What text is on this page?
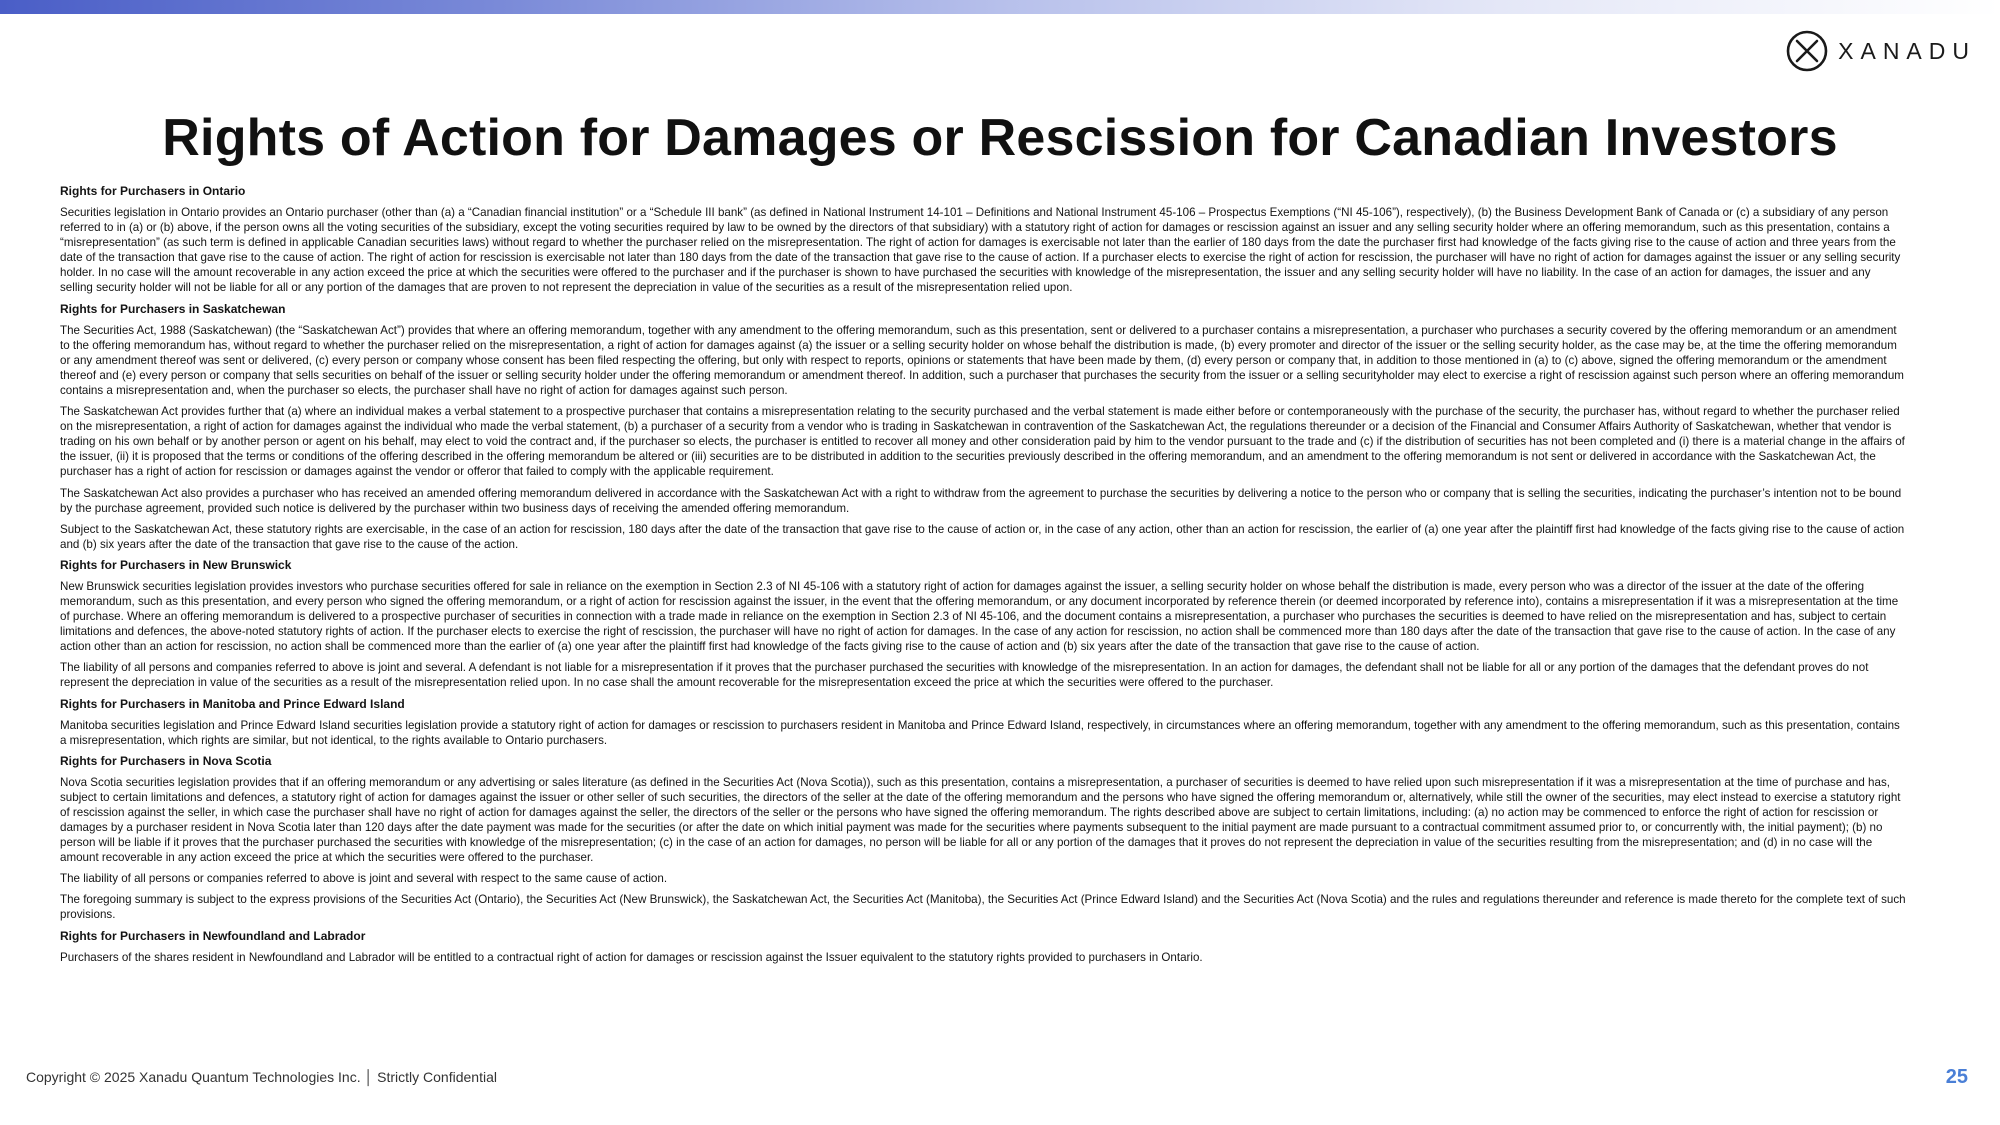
XANADU
Rights of Action for Damages or Rescission for Canadian Investors
Rights for Purchasers in Ontario

Securities legislation in Ontario provides an Ontario purchaser (other than (a) a “Canadian financial institution” or a “Schedule III bank” (as defined in National Instrument 14-101 – Definitions and National Instrument 45-106 – Prospectus Exemptions (“NI 45-106”), respectively), (b) the Business Development Bank of Canada or (c) a subsidiary of any person referred to in (a) or (b) above, if the person owns all the voting securities of the subsidiary, except the voting securities required by law to be owned by the directors of that subsidiary) with a statutory right of action for damages or rescission against an issuer and any selling security holder where an offering memorandum, such as this presentation, contains a “misrepresentation” (as such term is defined in applicable Canadian securities laws) without regard to whether the purchaser relied on the misrepresentation. The right of action for damages is exercisable not later than the earlier of 180 days from the date the purchaser first had knowledge of the facts giving rise to the cause of action and three years from the date of the transaction that gave rise to the cause of action. The right of action for rescission is exercisable not later than 180 days from the date of the transaction that gave rise to the cause of action. If a purchaser elects to exercise the right of action for rescission, the purchaser will have no right of action for damages against the issuer or any selling security holder. In no case will the amount recoverable in any action exceed the price at which the securities were offered to the purchaser and if the purchaser is shown to have purchased the securities with knowledge of the misrepresentation, the issuer and any selling security holder will have no liability. In the case of an action for damages, the issuer and any selling security holder will not be liable for all or any portion of the damages that are proven to not represent the depreciation in value of the securities as a result of the misrepresentation relied upon.

Rights for Purchasers in Saskatchewan

The Securities Act, 1988 (Saskatchewan) (the “Saskatchewan Act”) provides that where an offering memorandum, together with any amendment to the offering memorandum, such as this presentation, sent or delivered to a purchaser contains a misrepresentation, a purchaser who purchases a security covered by the offering memorandum or an amendment to the offering memorandum has, without regard to whether the purchaser relied on the misrepresentation, a right of action for damages against (a) the issuer or a selling security holder on whose behalf the distribution is made, (b) every promoter and director of the issuer or the selling security holder, as the case may be, at the time the offering memorandum or any amendment thereof was sent or delivered, (c) every person or company whose consent has been filed respecting the offering, but only with respect to reports, opinions or statements that have been made by them, (d) every person or company that, in addition to those mentioned in (a) to (c) above, signed the offering memorandum or the amendment thereof and (e) every person or company that sells securities on behalf of the issuer or selling security holder under the offering memorandum or amendment thereof. In addition, such a purchaser that purchases the security from the issuer or a selling securityholder may elect to exercise a right of rescission against such person where an offering memorandum contains a misrepresentation and, when the purchaser so elects, the purchaser shall have no right of action for damages against such person.

The Saskatchewan Act provides further that (a) where an individual makes a verbal statement to a prospective purchaser that contains a misrepresentation relating to the security purchased and the verbal statement is made either before or contemporaneously with the purchase of the security, the purchaser has, without regard to whether the purchaser relied on the misrepresentation, a right of action for damages against the individual who made the verbal statement, (b) a purchaser of a security from a vendor who is trading in Saskatchewan in contravention of the Saskatchewan Act, the regulations thereunder or a decision of the Financial and Consumer Affairs Authority of Saskatchewan, whether that vendor is trading on his own behalf or by another person or agent on his behalf, may elect to void the contract and, if the purchaser so elects, the purchaser is entitled to recover all money and other consideration paid by him to the vendor pursuant to the trade and (c) if the distribution of securities has not been completed and (i) there is a material change in the affairs of the issuer, (ii) it is proposed that the terms or conditions of the offering described in the offering memorandum be altered or (iii) securities are to be distributed in addition to the securities previously described in the offering memorandum, and an amendment to the offering memorandum is not sent or delivered in accordance with the Saskatchewan Act, the purchaser has a right of action for rescission or damages against the vendor or offeror that failed to comply with the applicable requirement.

The Saskatchewan Act also provides a purchaser who has received an amended offering memorandum delivered in accordance with the Saskatchewan Act with a right to withdraw from the agreement to purchase the securities by delivering a notice to the person who or company that is selling the securities, indicating the purchaser’s intention not to be bound by the purchase agreement, provided such notice is delivered by the purchaser within two business days of receiving the amended offering memorandum.

Subject to the Saskatchewan Act, these statutory rights are exercisable, in the case of an action for rescission, 180 days after the date of the transaction that gave rise to the cause of action or, in the case of any action, other than an action for rescission, the earlier of (a) one year after the plaintiff first had knowledge of the facts giving rise to the cause of action and (b) six years after the date of the transaction that gave rise to the cause of the action.

Rights for Purchasers in New Brunswick

New Brunswick securities legislation provides investors who purchase securities offered for sale in reliance on the exemption in Section 2.3 of NI 45-106 with a statutory right of action for damages against the issuer, a selling security holder on whose behalf the distribution is made, every person who was a director of the issuer at the date of the offering memorandum, such as this presentation, and every person who signed the offering memorandum, or a right of action for rescission against the issuer, in the event that the offering memorandum, or any document incorporated by reference therein (or deemed incorporated by reference into), contains a misrepresentation if it was a misrepresentation at the time of purchase. Where an offering memorandum is delivered to a prospective purchaser of securities in connection with a trade made in reliance on the exemption in Section 2.3 of NI 45-106, and the document contains a misrepresentation, a purchaser who purchases the securities is deemed to have relied on the misrepresentation and has, subject to certain limitations and defences, the above-noted statutory rights of action. If the purchaser elects to exercise the right of rescission, the purchaser will have no right of action for damages. In the case of any action for rescission, no action shall be commenced more than 180 days after the date of the transaction that gave rise to the cause of action. In the case of any action other than an action for rescission, no action shall be commenced more than the earlier of (a) one year after the plaintiff first had knowledge of the facts giving rise to the cause of action and (b) six years after the date of the transaction that gave rise to the cause of action.

The liability of all persons and companies referred to above is joint and several. A defendant is not liable for a misrepresentation if it proves that the purchaser purchased the securities with knowledge of the misrepresentation. In an action for damages, the defendant shall not be liable for all or any portion of the damages that the defendant proves do not represent the depreciation in value of the securities as a result of the misrepresentation relied upon. In no case shall the amount recoverable for the misrepresentation exceed the price at which the securities were offered to the purchaser.

Rights for Purchasers in Manitoba and Prince Edward Island

Manitoba securities legislation and Prince Edward Island securities legislation provide a statutory right of action for damages or rescission to purchasers resident in Manitoba and Prince Edward Island, respectively, in circumstances where an offering memorandum, together with any amendment to the offering memorandum, such as this presentation, contains a misrepresentation, which rights are similar, but not identical, to the rights available to Ontario purchasers.

Rights for Purchasers in Nova Scotia

Nova Scotia securities legislation provides that if an offering memorandum or any advertising or sales literature (as defined in the Securities Act (Nova Scotia)), such as this presentation, contains a misrepresentation, a purchaser of securities is deemed to have relied upon such misrepresentation if it was a misrepresentation at the time of purchase and has, subject to certain limitations and defences, a statutory right of action for damages against the issuer or other seller of such securities, the directors of the seller at the date of the offering memorandum and the persons who have signed the offering memorandum or, alternatively, while still the owner of the securities, may elect instead to exercise a statutory right of rescission against the seller, in which case the purchaser shall have no right of action for damages against the seller, the directors of the seller or the persons who have signed the offering memorandum. The rights described above are subject to certain limitations, including: (a) no action may be commenced to enforce the right of action for rescission or damages by a purchaser resident in Nova Scotia later than 120 days after the date payment was made for the securities (or after the date on which initial payment was made for the securities where payments subsequent to the initial payment are made pursuant to a contractual commitment assumed prior to, or concurrently with, the initial payment); (b) no person will be liable if it proves that the purchaser purchased the securities with knowledge of the misrepresentation; (c) in the case of an action for damages, no person will be liable for all or any portion of the damages that it proves do not represent the depreciation in value of the securities resulting from the misrepresentation; and (d) in no case will the amount recoverable in any action exceed the price at which the securities were offered to the purchaser.

The liability of all persons or companies referred to above is joint and several with respect to the same cause of action.

The foregoing summary is subject to the express provisions of the Securities Act (Ontario), the Securities Act (New Brunswick), the Saskatchewan Act, the Securities Act (Manitoba), the Securities Act (Prince Edward Island) and the Securities Act (Nova Scotia) and the rules and regulations thereunder and reference is made thereto for the complete text of such provisions.

Rights for Purchasers in Newfoundland and Labrador

Purchasers of the shares resident in Newfoundland and Labrador will be entitled to a contractual right of action for damages or rescission against the Issuer equivalent to the statutory rights provided to purchasers in Ontario.

Copyright © 2025 Xanadu Quantum Technologies Inc. │ Strictly Confidential	25
